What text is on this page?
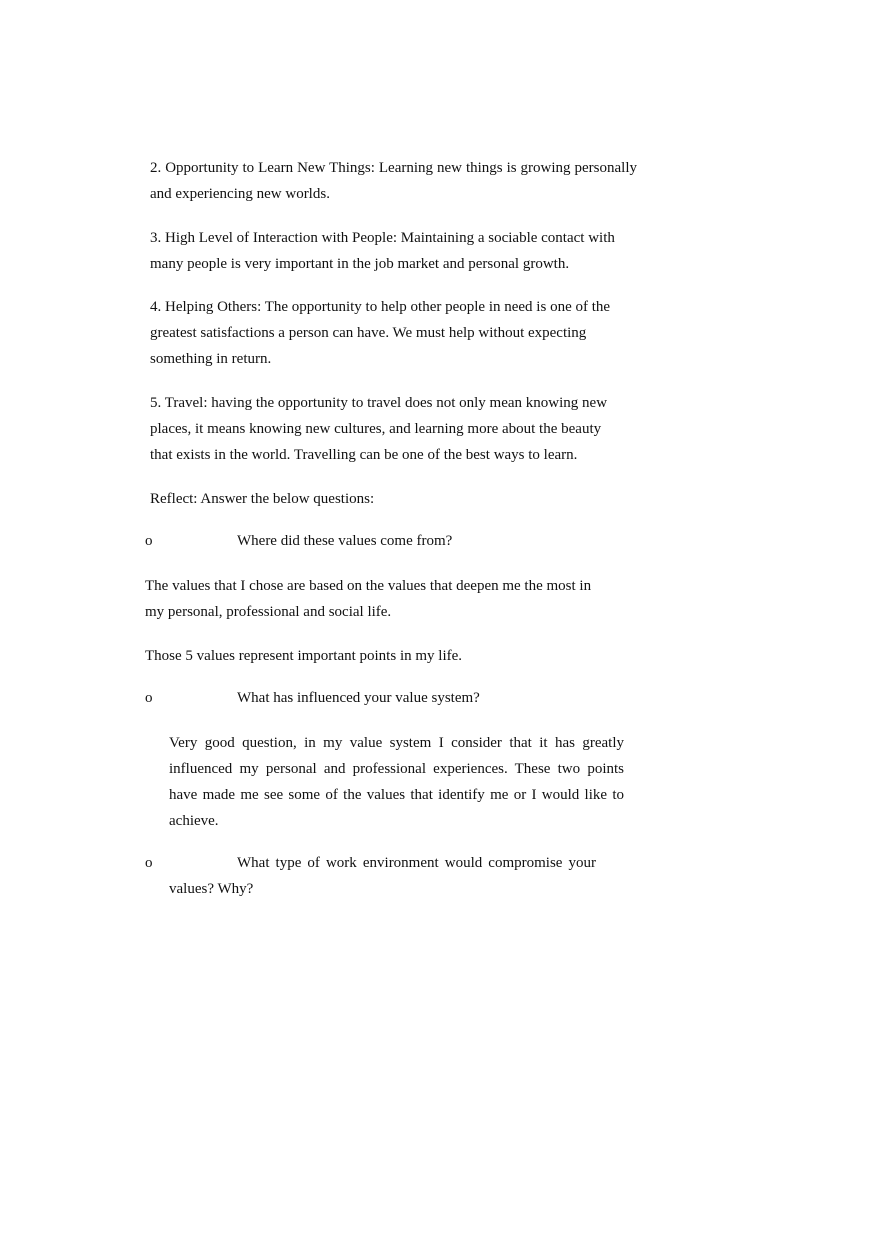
2. Opportunity to Learn New Things: Learning new things is growing personally and experiencing new worlds.

3. High Level of Interaction with People: Maintaining a sociable contact with many people is very important in the job market and personal growth.

4. Helping Others: The opportunity to help other people in need is one of the greatest satisfactions a person can have. We must help without expecting something in return.

5. Travel: having the opportunity to travel does not only mean knowing new places, it means knowing new cultures, and learning more about the beauty that exists in the world. Travelling can be one of the best ways to learn.

Reflect: Answer the below questions:

o	Where did these values come from?

The values that I chose are based on the values that deepen me the most in my personal, professional and social life.

Those 5 values represent important points in my life.

o	What has influenced your value system?

Very good question, in my value system I consider that it has greatly influenced my personal and professional experiences. These two points have made me see some of the values that identify me or I would like to achieve.

o	What type of work environment would compromise your
values? Why?
